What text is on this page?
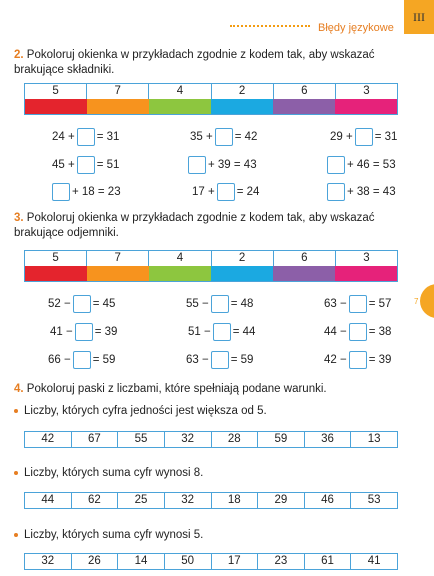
Błędy językowe
III
2. Pokoloruj okienka w przykładach zgodnie z kodem tak, aby wskazać brakujące składniki.
5	7	4	2	6	3
24 + = 31	35 + = 42	29 + = 31
45 + = 51	+ 39 = 43	+ 46 = 53
+ 18 = 23	17 + = 24	+ 38 = 43
3. Pokoloruj okienka w przykładach zgodnie z kodem tak, aby wskazać brakujące odjemniki.
5	7	4	2	6	3
52 − = 45	55 − = 48	63 − = 57
41 − = 39	51 − = 44	44 − = 38
66 − = 59	63 − = 59	42 − = 39
4. Pokoloruj paski z liczbami, które spełniają podane warunki.
Liczby, których cyfra jedności jest większa od 5.
42	67	55	32	28	59	36	13
Liczby, których suma cyfr wynosi 8.
44	62	25	32	18	29	46	53
Liczby, których suma cyfr wynosi 5.
32	26	14	50	17	23	61	41
7
